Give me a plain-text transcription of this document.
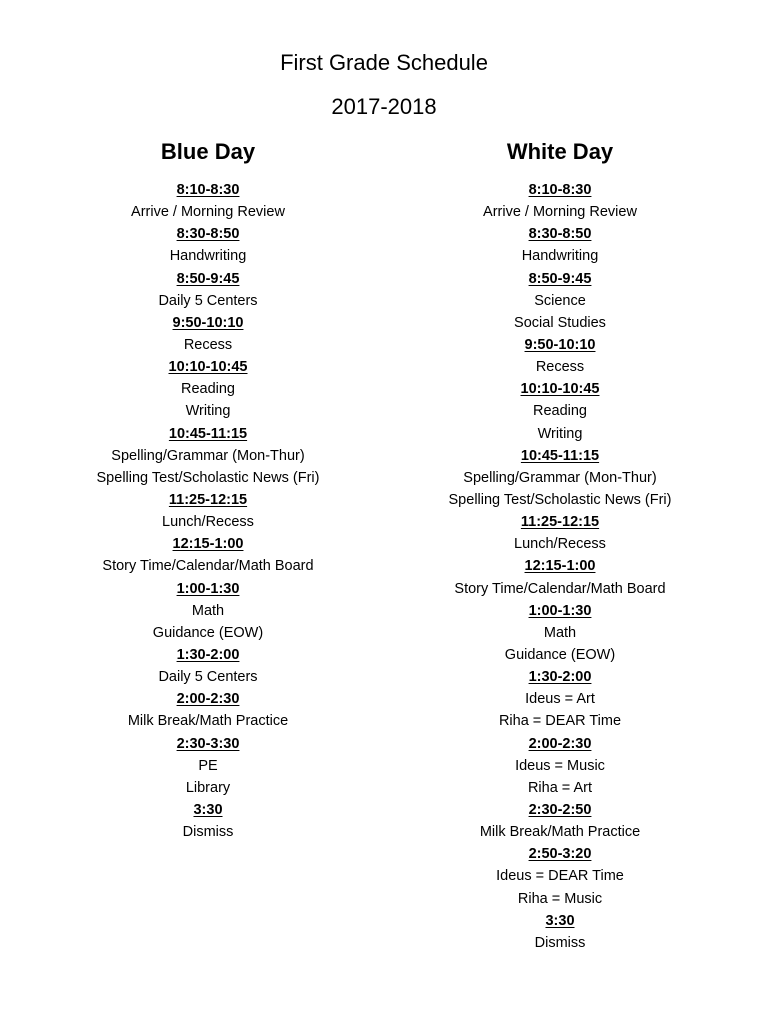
First Grade Schedule
2017-2018
Blue Day
8:10-8:30
Arrive / Morning Review
8:30-8:50
Handwriting
8:50-9:45
Daily 5 Centers
9:50-10:10
Recess
10:10-10:45
Reading
Writing
10:45-11:15
Spelling/Grammar (Mon-Thur)
Spelling Test/Scholastic News (Fri)
11:25-12:15
Lunch/Recess
12:15-1:00
Story Time/Calendar/Math Board
1:00-1:30
Math
Guidance (EOW)
1:30-2:00
Daily 5 Centers
2:00-2:30
Milk Break/Math Practice
2:30-3:30
PE
Library
3:30
Dismiss
White Day
8:10-8:30
Arrive / Morning Review
8:30-8:50
Handwriting
8:50-9:45
Science
Social Studies
9:50-10:10
Recess
10:10-10:45
Reading
Writing
10:45-11:15
Spelling/Grammar (Mon-Thur)
Spelling Test/Scholastic News (Fri)
11:25-12:15
Lunch/Recess
12:15-1:00
Story Time/Calendar/Math Board
1:00-1:30
Math
Guidance (EOW)
1:30-2:00
Ideus = Art
Riha = DEAR Time
2:00-2:30
Ideus = Music
Riha = Art
2:30-2:50
Milk Break/Math Practice
2:50-3:20
Ideus = DEAR Time
Riha = Music
3:30
Dismiss
